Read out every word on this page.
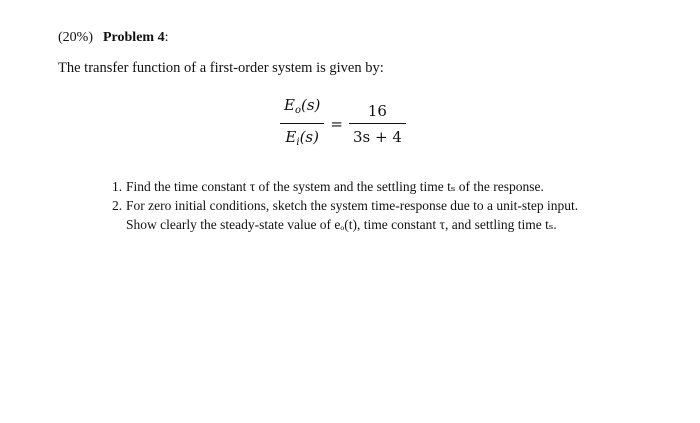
(20%) Problem 4:
The transfer function of a first-order system is given by:
$\frac{E_o(s)}{E_i(s)} = \frac{16}{3s + 4}$
1. Find the time constant τ of the system and the settling time tₛ of the response.
2. For zero initial conditions, sketch the system time-response due to a unit-step input.
Show clearly the steady-state value of eₒ(t), time constant τ, and settling time tₛ.
